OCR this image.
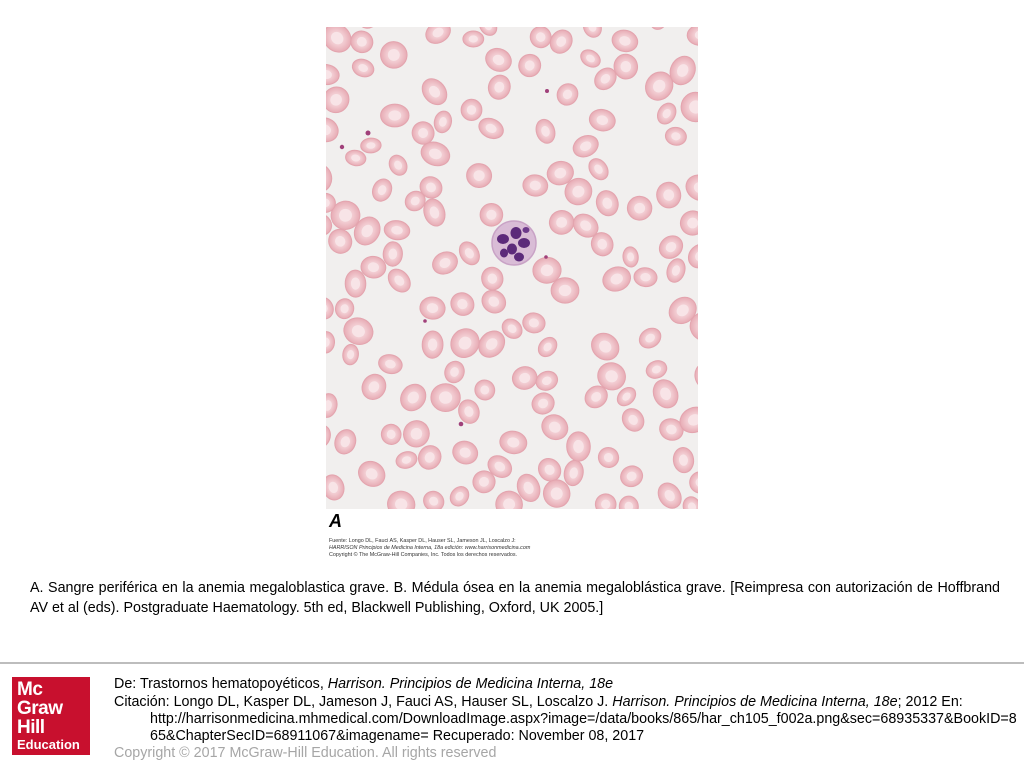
A
Fuente: Longo DL, Fauci AS, Kasper DL, Hauser SL, Jameson JL, Loscalzo J:
HARRISON Principios de Medicina Interna, 18a edición: www.harrisonmedicina.com
Copyright © The McGraw-Hill Companies, Inc. Todos los derechos reservados.
A. Sangre periférica en la anemia megaloblastica grave. B. Médula ósea en la anemia megaloblástica grave. [Reimpresa con autorización de Hoffbrand AV et al (eds). Postgraduate Haematology. 5th ed, Blackwell Publishing, Oxford, UK 2005.]
Mc
Graw
Hill
Education
De: Trastornos hematopoyéticos, Harrison. Principios de Medicina Interna, 18e
Citación: Longo DL, Kasper DL, Jameson J, Fauci AS, Hauser SL, Loscalzo J. Harrison. Principios de Medicina Interna, 18e; 2012 En:
http://harrisonmedicina.mhmedical.com/DownloadImage.aspx?image=/data/books/865/har_ch105_f002a.png&sec=68935337&BookID=8
65&ChapterSecID=68911067&imagename= Recuperado: November 08, 2017
Copyright © 2017 McGraw-Hill Education. All rights reserved
